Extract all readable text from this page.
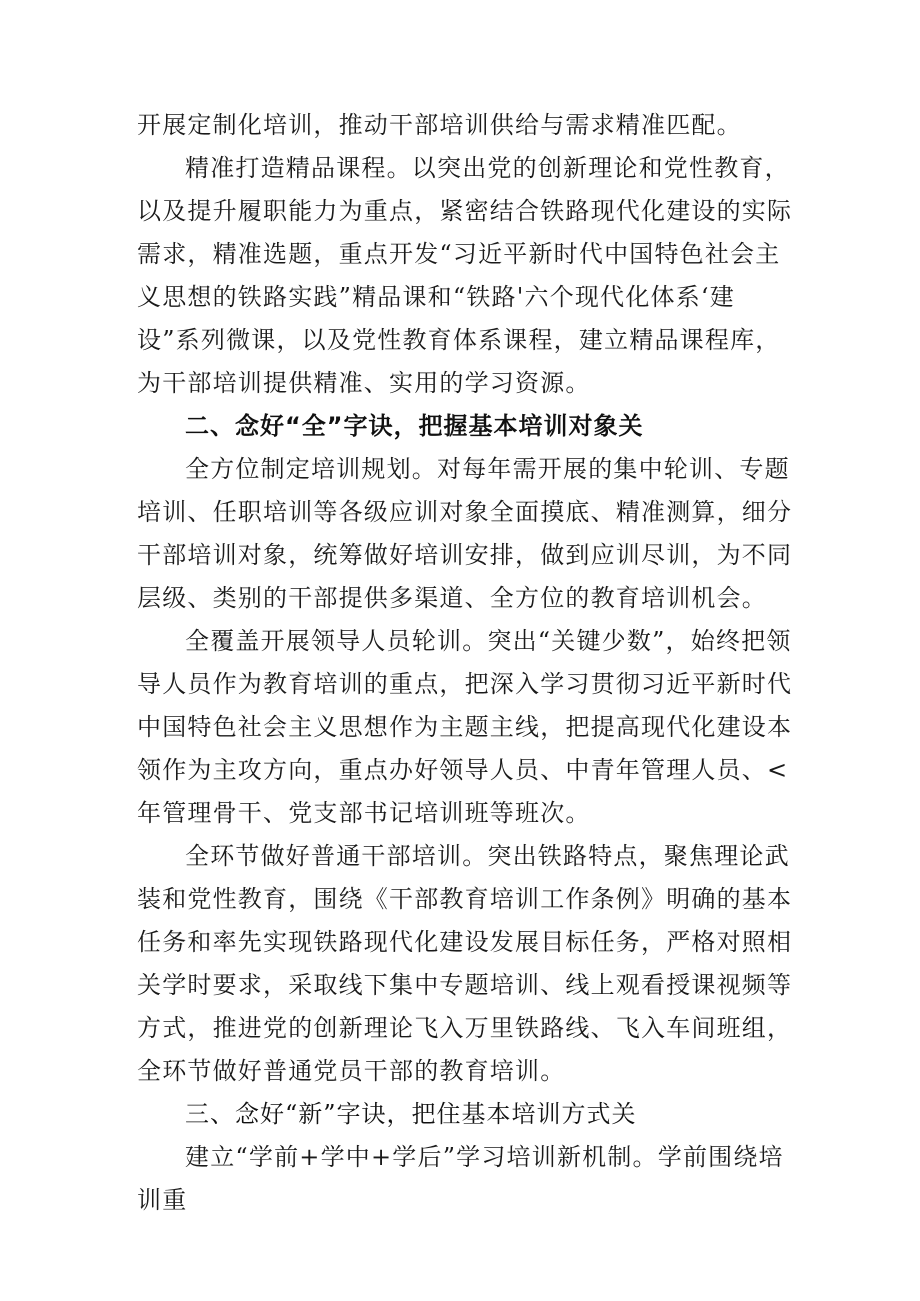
开展定制化培训，推动干部培训供给与需求精准匹配。

精准打造精品课程。以突出党的创新理论和党性教育，以及提升履职能力为重点，紧密结合铁路现代化建设的实际需求，精准选题，重点开发“习近平新时代中国特色社会主义思想的铁路实践”精品课和“铁路'六个现代化体系‘建设”系列微课，以及党性教育体系课程，建立精品课程库，为干部培训提供精准、实用的学习资源。

二、念好“全”字诀，把握基本培训对象关

全方位制定培训规划。对每年需开展的集中轮训、专题培训、任职培训等各级应训对象全面摸底、精准测算，细分干部培训对象，统筹做好培训安排，做到应训尽训，为不同层级、类别的干部提供多渠道、全方位的教育培训机会。

全覆盖开展领导人员轮训。突出“关键少数”，始终把领导人员作为教育培训的重点，把深入学习贯彻习近平新时代中国特色社会主义思想作为主题主线，把提高现代化建设本领作为主攻方向，重点办好领导人员、中青年管理人员、<年管理骨干、党支部书记培训班等班次。

全环节做好普通干部培训。突出铁路特点，聚焦理论武装和党性教育，围绕《干部教育培训工作条例》明确的基本任务和率先实现铁路现代化建设发展目标任务，严格对照相关学时要求，采取线下集中专题培训、线上观看授课视频等方式，推进党的创新理论飞入万里铁路线、飞入车间班组，全环节做好普通党员干部的教育培训。

三、念好“新”字诀，把住基本培训方式关

建立“学前+学中+学后”学习培训新机制。学前围绕培训重
